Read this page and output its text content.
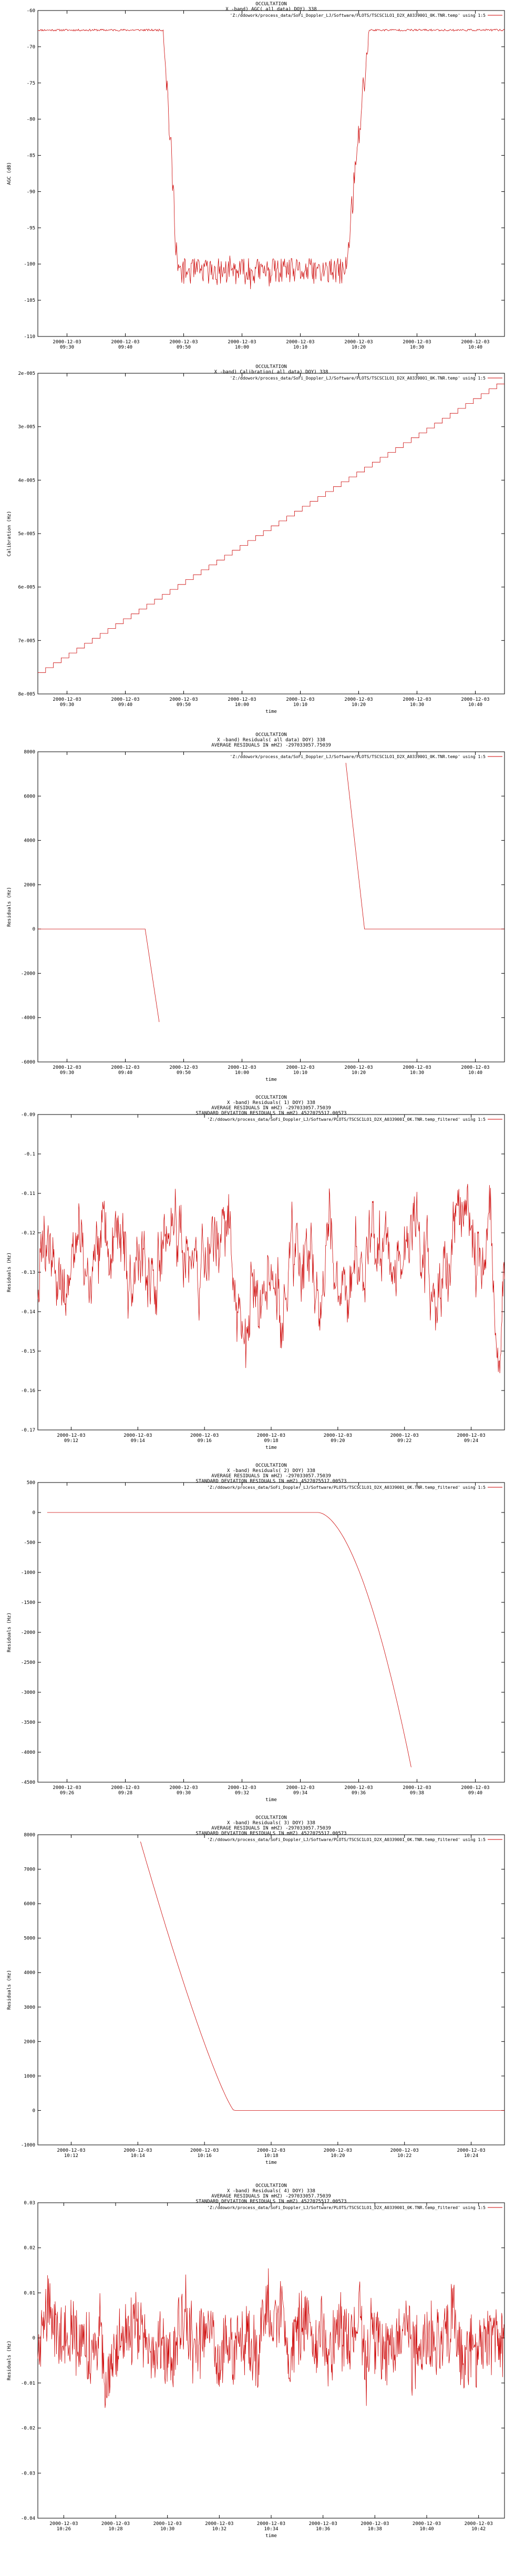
OCCULTATION
X -band) AGC( all data) DOY) 338
-60
-70
-75
-80
-85
-90
-95
-100
-105
-110
2000-12-03
09:30
2000-12-03
09:40
2000-12-03
09:50
2000-12-03
10:00
2000-12-03
10:10
2000-12-03
10:20
2000-12-03
10:30
2000-12-03
10:40
AGC (dB)
'Z:/ddowork/process_data/SoFi_Doppler_LJ/Software/PLOTS/TSCSC1LO1_D2X_A0339001_0K.TNR.temp' using 1:5
OCCULTATION
X -band) Calibration( all data) DOY) 338
2e-005
3e-005
4e-005
5e-005
6e-005
7e-005
8e-005
2000-12-03
09:30
2000-12-03
09:40
2000-12-03
09:50
2000-12-03
10:00
2000-12-03
10:10
2000-12-03
10:20
2000-12-03
10:30
2000-12-03
10:40
time
Calibration (Hz)
'Z:/ddowork/process_data/SoFi_Doppler_LJ/Software/PLOTS/TSCSC1LO1_D2X_A0339001_0K.TNR.temp' using 1:5
OCCULTATION
X -band) Residuals( all data) DOY) 338
AVERAGE RESIDUALS IN mHZ) -297033057.75039
8000
6000
4000
2000
0
-2000
-4000
-6000
2000-12-03
09:30
2000-12-03
09:40
2000-12-03
09:50
2000-12-03
10:00
2000-12-03
10:10
2000-12-03
10:20
2000-12-03
10:30
2000-12-03
10:40
time
Residuals (Hz)
'Z:/ddowork/process_data/SoFi_Doppler_LJ/Software/PLOTS/TSCSC1LO1_D2X_A0339001_0K.TNR.temp' using 1:5
OCCULTATION
X -band) Residuals( 1) DOY) 338
AVERAGE RESIDUALS IN mHZ) -297033057.75039
STANDARD DEVIATION RESIDUALS IN mHZ) 4527075517.00573
-0.09
-0.1
-0.11
-0.12
-0.13
-0.14
-0.15
-0.16
-0.17
2000-12-03
09:12
2000-12-03
09:14
2000-12-03
09:16
2000-12-03
09:18
2000-12-03
09:20
2000-12-03
09:22
2000-12-03
09:24
time
Residuals (Hz)
'Z:/ddowork/process_data/SoFi_Doppler_LJ/Software/PLOTS/TSCSC1LO1_D2X_A0339001_0K.TNR.temp_filtered' using 1:5
OCCULTATION
X -band) Residuals( 2) DOY) 338
AVERAGE RESIDUALS IN mHZ) -297033057.75039
STANDARD DEVIATION RESIDUALS IN mHZ) 4527075517.00573
500
0
-500
-1000
-1500
-2000
-2500
-3000
-3500
-4000
-4500
2000-12-03
09:26
2000-12-03
09:28
2000-12-03
09:30
2000-12-03
09:32
2000-12-03
09:34
2000-12-03
09:36
2000-12-03
09:38
2000-12-03
09:40
time
Residuals (Hz)
'Z:/ddowork/process_data/SoFi_Doppler_LJ/Software/PLOTS/TSCSC1LO1_D2X_A0339001_0K.TNR.temp_filtered' using 1:5
OCCULTATION
X -band) Residuals( 3) DOY) 338
AVERAGE RESIDUALS IN mHZ) -297033057.75039
STANDARD DEVIATION RESIDUALS IN mHZ) 4527075517.00573
8000
7000
6000
5000
4000
3000
2000
1000
0
-1000
2000-12-03
10:12
2000-12-03
10:14
2000-12-03
10:16
2000-12-03
10:18
2000-12-03
10:20
2000-12-03
10:22
2000-12-03
10:24
time
Residuals (Hz)
'Z:/ddowork/process_data/SoFi_Doppler_LJ/Software/PLOTS/TSCSC1LO1_D2X_A0339001_0K.TNR.temp_filtered' using 1:5
OCCULTATION
X -band) Residuals( 4) DOY) 338
AVERAGE RESIDUALS IN mHZ) -297033057.75039
STANDARD DEVIATION RESIDUALS IN mHZ) 4527075517.00573
0.03
0.02
0.01
0
-0.01
-0.02
-0.03
-0.04
2000-12-03
10:26
2000-12-03
10:28
2000-12-03
10:30
2000-12-03
10:32
2000-12-03
10:34
2000-12-03
10:36
2000-12-03
10:38
2000-12-03
10:40
2000-12-03
10:42
time
Residuals (Hz)
'Z:/ddowork/process_data/SoFi_Doppler_LJ/Software/PLOTS/TSCSC1LO1_D2X_A0339001_0K.TNR.temp_filtered' using 1:5
